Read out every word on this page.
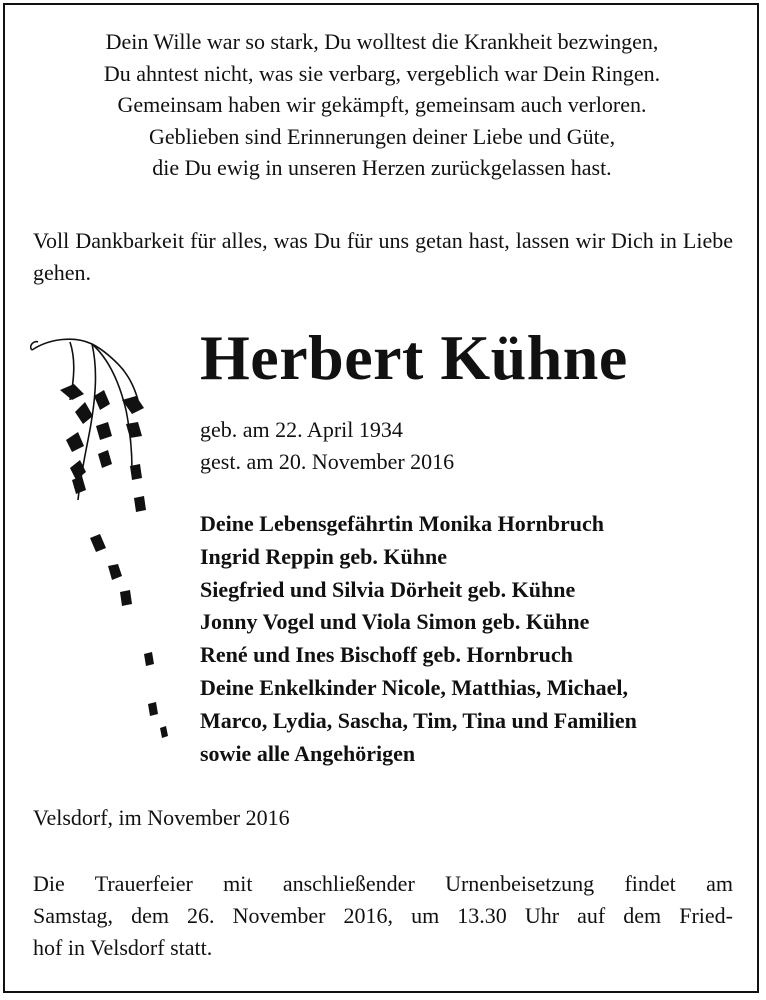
Dein Wille war so stark, Du wolltest die Krankheit bezwingen,
Du ahntest nicht, was sie verbarg, vergeblich war Dein Ringen.
Gemeinsam haben wir gekämpft, gemeinsam auch verloren.
Geblieben sind Erinnerungen deiner Liebe und Güte,
die Du ewig in unseren Herzen zurückgelassen hast.
Voll Dankbarkeit für alles, was Du für uns getan hast, lassen wir Dich in Liebe gehen.
Herbert Kühne
geb. am 22. April 1934
gest. am 20. November 2016
Deine Lebensgefährtin Monika Hornbruch
Ingrid Reppin geb. Kühne
Siegfried und Silvia Dörheit geb. Kühne
Jonny Vogel und Viola Simon geb. Kühne
René und Ines Bischoff geb. Hornbruch
Deine Enkelkinder Nicole, Matthias, Michael,
Marco, Lydia, Sascha, Tim, Tina und Familien
sowie alle Angehörigen
Velsdorf, im November 2016
Die Trauerfeier mit anschließender Urnenbeisetzung findet am
Samstag, dem 26. November 2016, um 13.30 Uhr auf dem Fried-
hof in Velsdorf statt.
